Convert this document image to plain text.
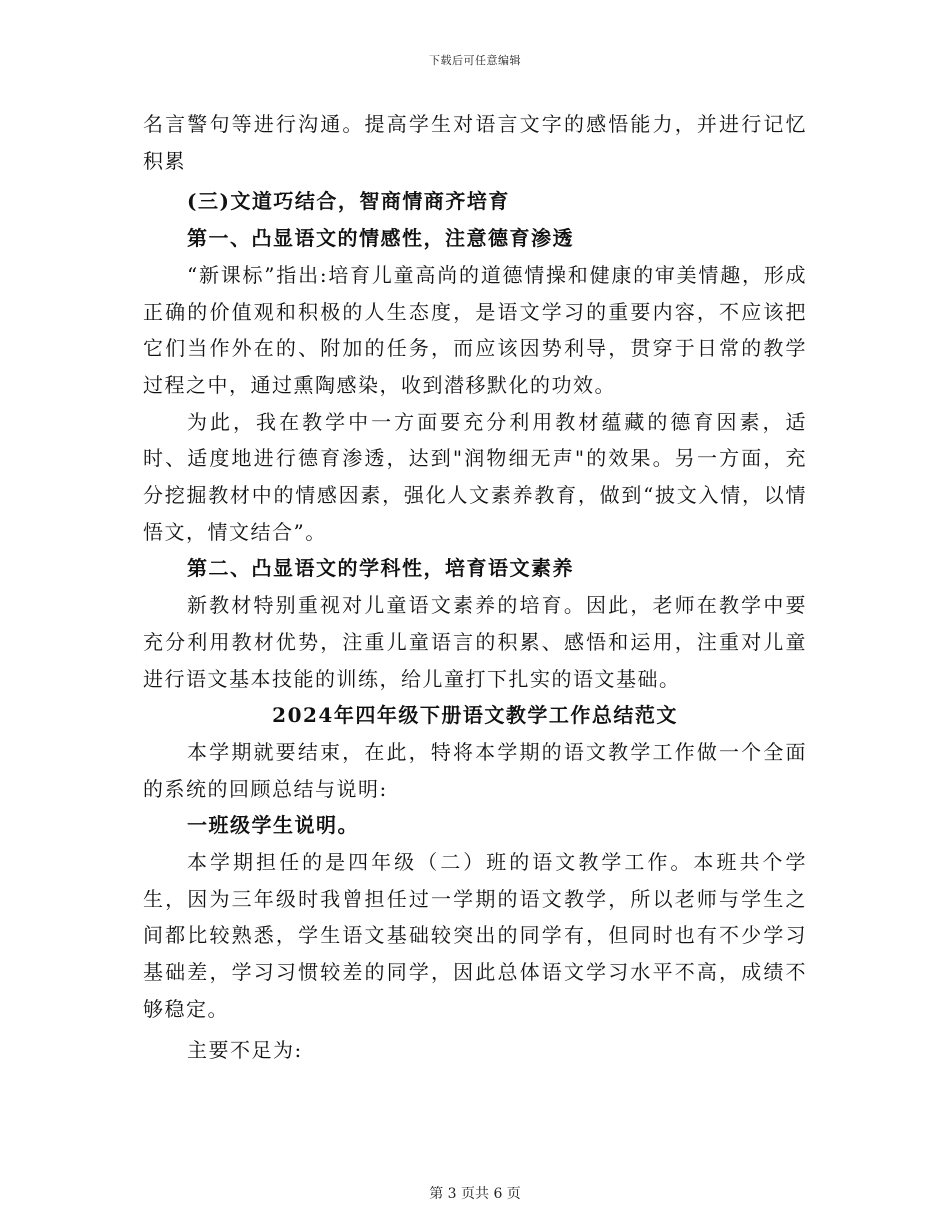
下载后可任意编辑

名言警句等进行沟通。提高学生对语言文字的感悟能力，并进行记忆积累

(三)文道巧结合，智商情商齐培育

第一、凸显语文的情感性，注意德育渗透

“新课标”指出:培育儿童高尚的道德情操和健康的审美情趣，形成正确的价值观和积极的人生态度，是语文学习的重要内容，不应该把它们当作外在的、附加的任务，而应该因势利导，贯穿于日常的教学过程之中，通过熏陶感染，收到潜移默化的功效。

为此，我在教学中一方面要充分利用教材蕴藏的德育因素，适时、适度地进行德育渗透，达到"润物细无声"的效果。另一方面，充分挖掘教材中的情感因素，强化人文素养教育，做到“披文入情，以情悟文，情文结合”。

第二、凸显语文的学科性，培育语文素养

新教材特别重视对儿童语文素养的培育。因此，老师在教学中要充分利用教材优势，注重儿童语言的积累、感悟和运用，注重对儿童进行语文基本技能的训练，给儿童打下扎实的语文基础。

2024年四年级下册语文教学工作总结范文

本学期就要结束，在此，特将本学期的语文教学工作做一个全面的系统的回顾总结与说明:

一班级学生说明。

本学期担任的是四年级（二）班的语文教学工作。本班共个学生，因为三年级时我曾担任过一学期的语文教学，所以老师与学生之间都比较熟悉，学生语文基础较突出的同学有，但同时也有不少学习基础差，学习习惯较差的同学，因此总体语文学习水平不高，成绩不够稳定。

主要不足为:

第 3 页共 6 页
